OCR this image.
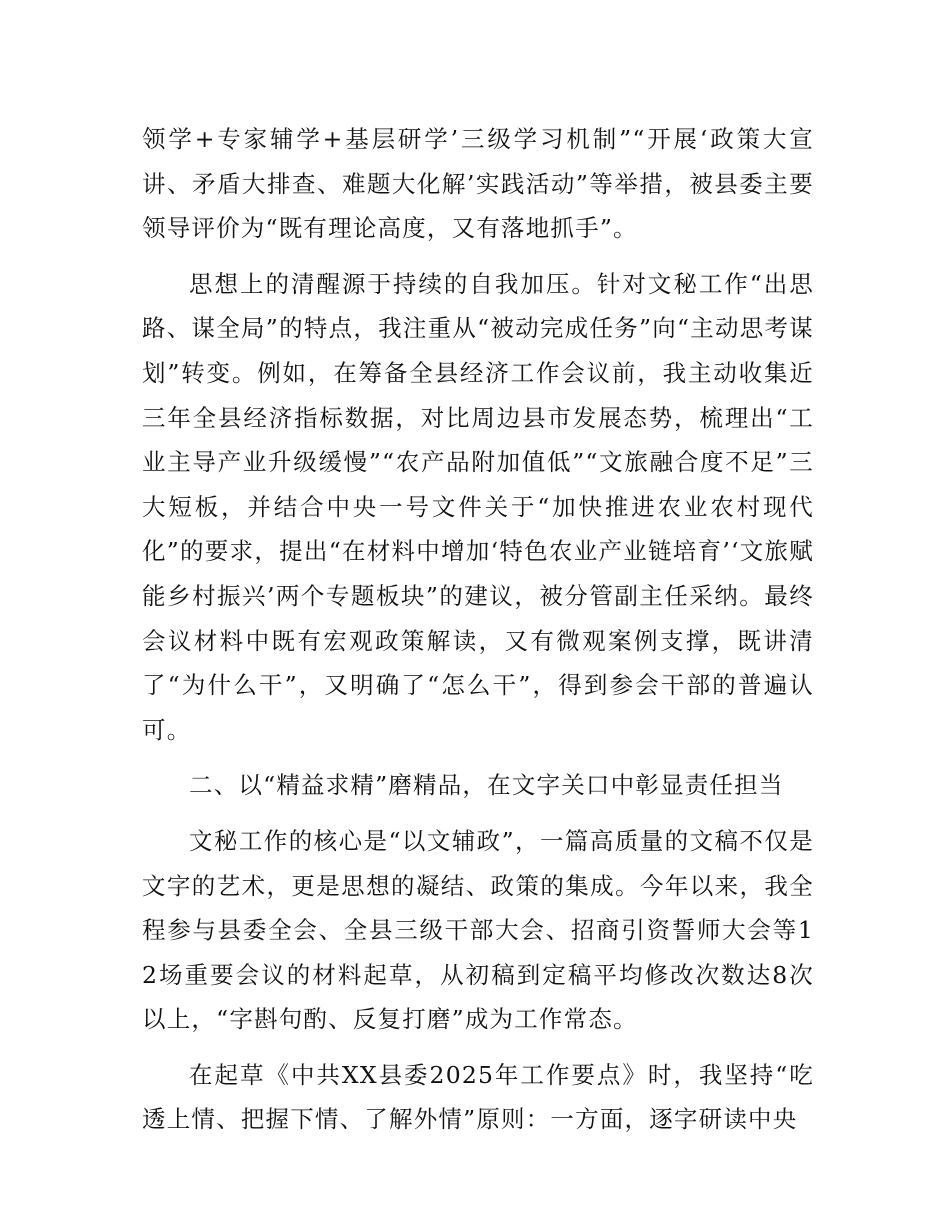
领学+专家辅学+基层研学’三级学习机制”“开展‘政策大宣讲、矛盾大排查、难题大化解’实践活动”等举措，被县委主要领导评价为“既有理论高度，又有落地抓手”。

思想上的清醒源于持续的自我加压。针对文秘工作“出思路、谋全局”的特点，我注重从“被动完成任务”向“主动思考谋划”转变。例如，在筹备全县经济工作会议前，我主动收集近三年全县经济指标数据，对比周边县市发展态势，梳理出“工业主导产业升级缓慢”“农产品附加值低”“文旅融合度不足”三大短板，并结合中央一号文件关于“加快推进农业农村现代化”的要求，提出“在材料中增加‘特色农业产业链培育’‘文旅赋能乡村振兴’两个专题板块”的建议，被分管副主任采纳。最终会议材料中既有宏观政策解读，又有微观案例支撑，既讲清了“为什么干”，又明确了“怎么干”，得到参会干部的普遍认可。

二、以“精益求精”磨精品，在文字关口中彰显责任担当

文秘工作的核心是“以文辅政”，一篇高质量的文稿不仅是文字的艺术，更是思想的凝结、政策的集成。今年以来，我全程参与县委全会、全县三级干部大会、招商引资誓师大会等12场重要会议的材料起草，从初稿到定稿平均修改次数达8次以上，“字斟句酌、反复打磨”成为工作常态。

在起草《中共XX县委2025年工作要点》时，我坚持“吃透上情、把握下情、了解外情”原则：一方面，逐字研读中央
